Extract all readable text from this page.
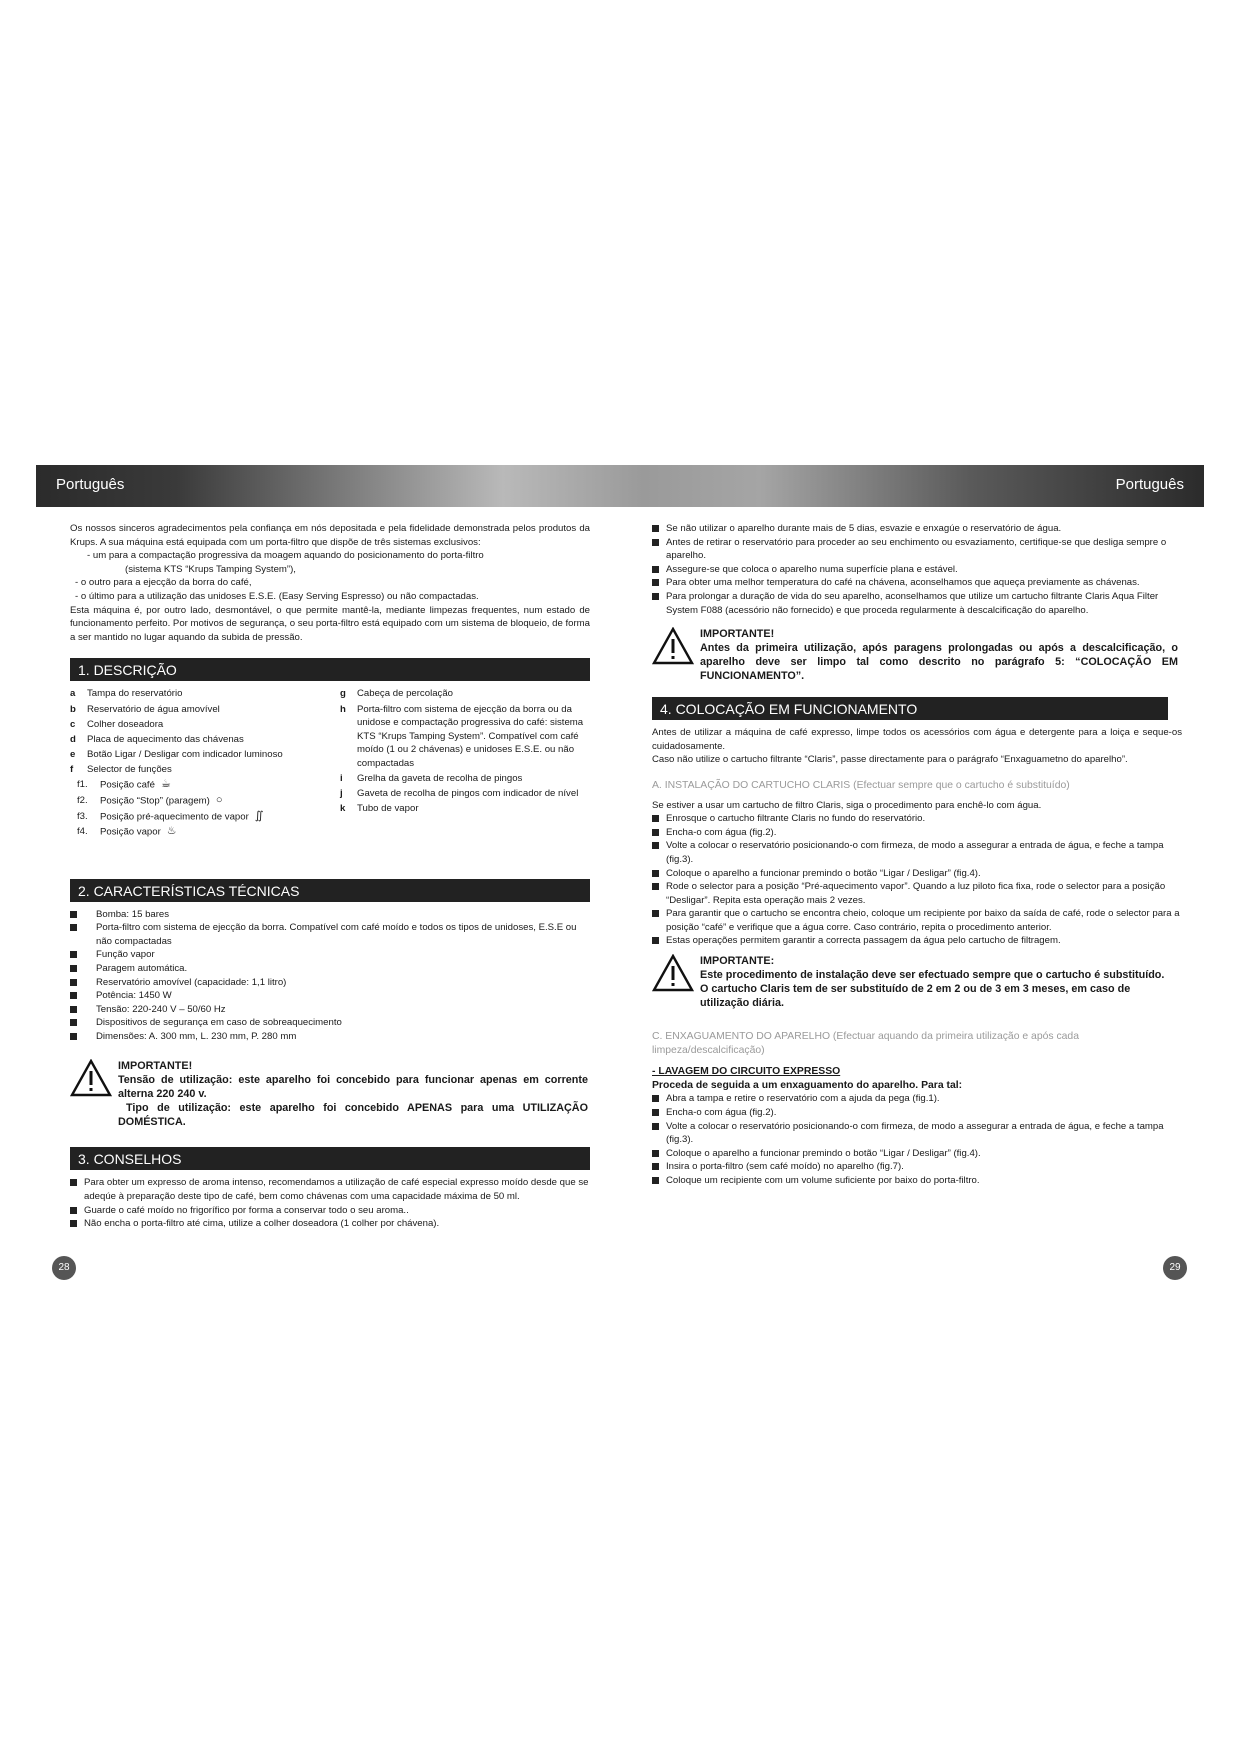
Português	Português

Os nossos sinceros agradecimentos pela confiança em nós depositada e pela fidelidade demonstrada pelos produtos da Krups. A sua máquina está equipada com um porta-filtro que dispõe de três sistemas exclusivos:

- um para a compactação progressiva da moagem aquando do posicionamento do porta-filtro

(sistema KTS “Krups Tamping System”),

- o outro para a ejecção da borra do café,

- o último para a utilização das unidoses E.S.E. (Easy Serving Espresso) ou não compactadas.

Esta máquina é, por outro lado, desmontável, o que permite mantê-la, mediante limpezas frequentes, num estado de funcionamento perfeito. Por motivos de segurança, o seu porta-filtro está equipado com um sistema de bloqueio, de forma a ser mantido no lugar aquando da subida de pressão.

1. DESCRIÇÃO
a	Tampa do reservatório
b	Reservatório de água amovível
c	Colher doseadora
d	Placa de aquecimento das chávenas
e	Botão Ligar / Desligar com indicador luminoso
f	Selector de funções
f1.	Posição café ☕
f2.	Posição “Stop” (paragem) ○
f3.	Posição pré-aquecimento de vapor ∬
f4.	Posição vapor ♨
g	Cabeça de percolação
h	Porta-filtro com sistema de ejecção da borra ou da unidose e compactação progressiva do café: sistema KTS “Krups Tamping System”. Compatível com café moído (1 ou 2 chávenas) e unidoses E.S.E. ou não compactadas
i	Grelha da gaveta de recolha de pingos
j	Gaveta de recolha de pingos com indicador de nível
k	Tubo de vapor
2. CARACTERÍSTICAS TÉCNICAS
Bomba: 15 bares
Porta-filtro com sistema de ejecção da borra. Compatível com café moído e todos os tipos de unidoses, E.S.E ou não compactadas
Função vapor
Paragem automática.
Reservatório amovível (capacidade: 1,1 litro)
Potência: 1450 W
Tensão: 220-240 V – 50/60 Hz
Dispositivos de segurança em caso de sobreaquecimento
Dimensões: A. 300 mm, L. 230 mm, P. 280 mm

IMPORTANTE!

Tensão de utilização: este aparelho foi concebido para funcionar apenas em corrente alterna 220 240 v.

Tipo de utilização: este aparelho foi concebido APENAS para uma UTILIZAÇÃO DOMÉSTICA.

3. CONSELHOS
Para obter um expresso de aroma intenso, recomendamos a utilização de café especial expresso moído desde que se adeqúe à preparação deste tipo de café, bem como chávenas com uma capacidade máxima de 50 ml.
Guarde o café moído no frigorífico por forma a conservar todo o seu aroma..
Não encha o porta-filtro até cima, utilize a colher doseadora (1 colher por chávena).
Se não utilizar o aparelho durante mais de 5 dias, esvazie e enxagúe o reservatório de água.
Antes de retirar o reservatório para proceder ao seu enchimento ou esvaziamento, certifique-se que desliga sempre o aparelho.
Assegure-se que coloca o aparelho numa superfície plana e estável.
Para obter uma melhor temperatura do café na chávena, aconselhamos que aqueça previamente as chávenas.
Para prolongar a duração de vida do seu aparelho, aconselhamos que utilize um cartucho filtrante Claris Aqua Filter System F088 (acessório não fornecido) e que proceda regularmente à descalcificação do aparelho.

IMPORTANTE!

Antes da primeira utilização, após paragens prolongadas ou após a descalcificação, o aparelho deve ser limpo tal como descrito no parágrafo 5: “COLOCAÇÃO EM FUNCIONAMENTO”.

4. COLOCAÇÃO EM FUNCIONAMENTO

Antes de utilizar a máquina de café expresso, limpe todos os acessórios com água e detergente para a loiça e seque-os cuidadosamente.

Caso não utilize o cartucho filtrante “Claris”, passe directamente para o parágrafo “Enxaguametno do aparelho”.

A. INSTALAÇÃO DO CARTUCHO CLARIS (Efectuar sempre que o cartucho é substituído)

Se estiver a usar um cartucho de filtro Claris, siga o procedimento para enchê-lo com água.

Enrosque o cartucho filtrante Claris no fundo do reservatório.
Encha-o com água (fig.2).
Volte a colocar o reservatório posicionando-o com firmeza, de modo a assegurar a entrada de água, e feche a tampa (fig.3).
Coloque o aparelho a funcionar premindo o botão “Ligar / Desligar” (fig.4).
Rode o selector para a posição “Pré-aquecimento vapor”. Quando a luz piloto fica fixa, rode o selector para a posição “Desligar”. Repita esta operação mais 2 vezes.
Para garantir que o cartucho se encontra cheio, coloque um recipiente por baixo da saída de café, rode o selector para a posição “café” e verifique que a água corre. Caso contrário, repita o procedimento anterior.
Estas operações permitem garantir a correcta passagem da água pelo cartucho de filtragem.

IMPORTANTE:

Este procedimento de instalação deve ser efectuado sempre que o cartucho é substituído.

O cartucho Claris tem de ser substituído de 2 em 2 ou de 3 em 3 meses, em caso de utilização diária.

C. ENXAGUAMENTO DO APARELHO (Efectuar aquando da primeira utilização e após cada limpeza/descalcificação)

- LAVAGEM DO CIRCUITO EXPRESSO

Proceda de seguida a um enxaguamento do aparelho. Para tal:

Abra a tampa e retire o reservatório com a ajuda da pega (fig.1).
Encha-o com água (fig.2).
Volte a colocar o reservatório posicionando-o com firmeza, de modo a assegurar a entrada de água, e feche a tampa (fig.3).
Coloque o aparelho a funcionar premindo o botão “Ligar / Desligar” (fig.4).
Insira o porta-filtro (sem café moído) no aparelho (fig.7).
Coloque um recipiente com um volume suficiente por baixo do porta-filtro.
28	29
